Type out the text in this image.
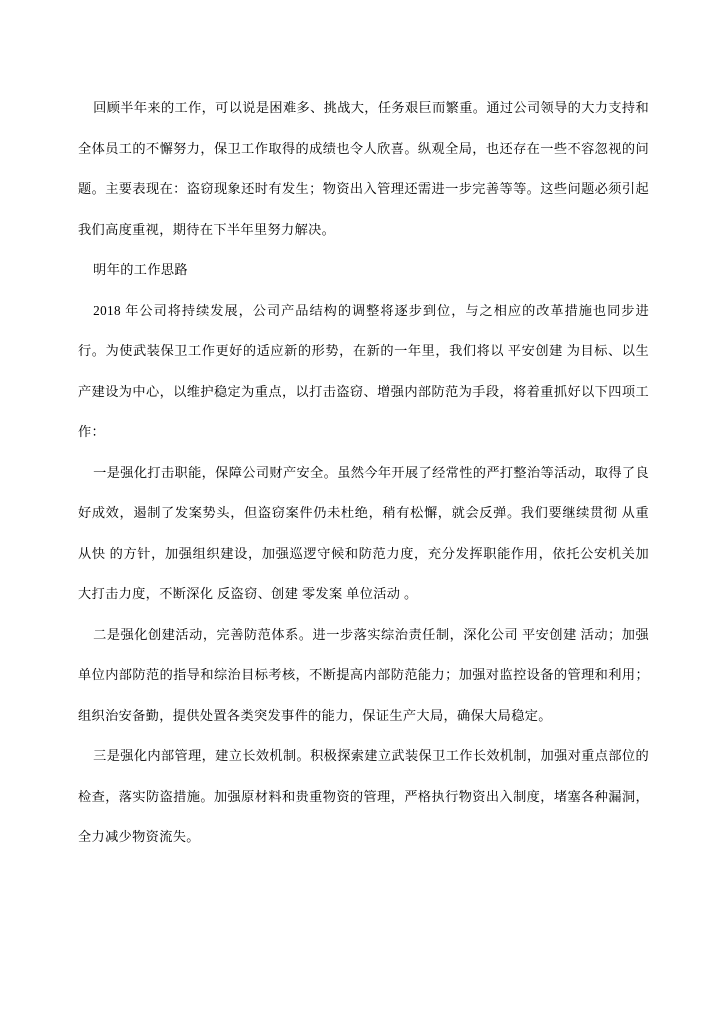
回顾半年来的工作，可以说是困难多、挑战大，任务艰巨而繁重。通过公司领导的大力支持和全体员工的不懈努力，保卫工作取得的成绩也令人欣喜。纵观全局，也还存在一些不容忽视的问题。主要表现在：盗窃现象还时有发生；物资出入管理还需进一步完善等等。这些问题必须引起我们高度重视，期待在下半年里努力解决。

明年的工作思路

2018 年公司将持续发展，公司产品结构的调整将逐步到位，与之相应的改革措施也同步进行。为使武装保卫工作更好的适应新的形势，在新的一年里，我们将以 平安创建 为目标、以生产建设为中心，以维护稳定为重点，以打击盗窃、增强内部防范为手段，将着重抓好以下四项工作：

一是强化打击职能，保障公司财产安全。虽然今年开展了经常性的严打整治等活动，取得了良好成效，遏制了发案势头，但盗窃案件仍未杜绝，稍有松懈，就会反弹。我们要继续贯彻 从重从快 的方针，加强组织建设，加强巡逻守候和防范力度，充分发挥职能作用，依托公安机关加大打击力度，不断深化 反盗窃、创建 零发案 单位活动 。

二是强化创建活动，完善防范体系。进一步落实综治责任制，深化公司 平安创建 活动；加强单位内部防范的指导和综治目标考核，不断提高内部防范能力；加强对监控设备的管理和利用；组织治安备勤，提供处置各类突发事件的能力，保证生产大局，确保大局稳定。

三是强化内部管理，建立长效机制。积极探索建立武装保卫工作长效机制，加强对重点部位的检查，落实防盗措施。加强原材料和贵重物资的管理，严格执行物资出入制度，堵塞各种漏洞，全力减少物资流失。
